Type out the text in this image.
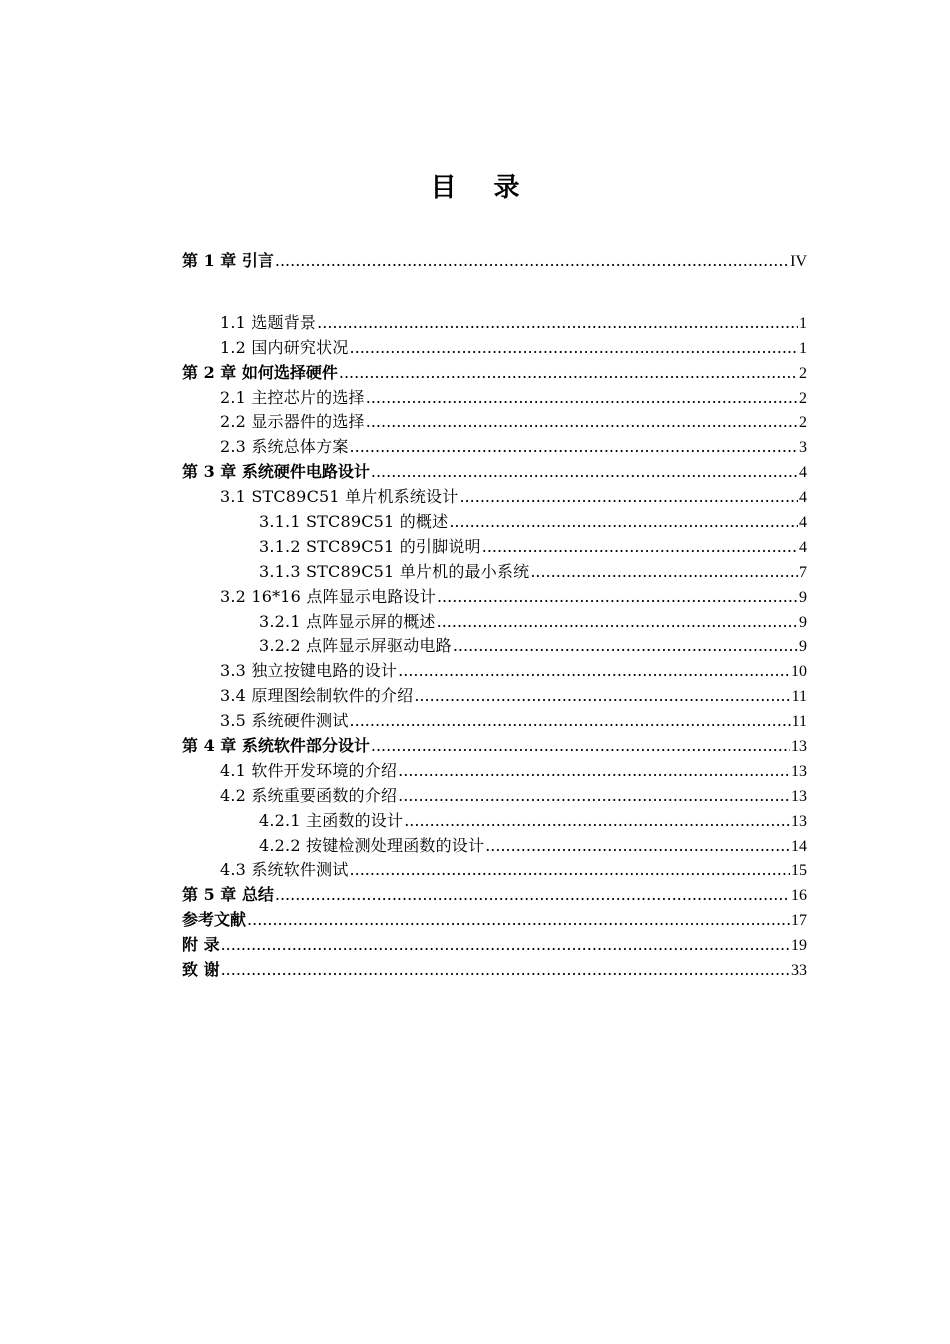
目 录
第 1 章 引言 .....	IV
1.1 选题背景 .....	1
1.2 国内研究状况 .....	1
第 2 章 如何选择硬件 .....	2
2.1 主控芯片的选择 .....	2
2.2 显示器件的选择 .....	2
2.3 系统总体方案 .....	3
第 3 章 系统硬件电路设计 .....	4
3.1 STC89C51 单片机系统设计 .....	4
3.1.1 STC89C51 的概述 .....	4
3.1.2 STC89C51 的引脚说明 .....	4
3.1.3 STC89C51 单片机的最小系统 .....	7
3.2 16*16 点阵显示电路设计 .....	9
3.2.1 点阵显示屏的概述 .....	9
3.2.2 点阵显示屏驱动电路 .....	9
3.3 独立按键电路的设计 .....	10
3.4 原理图绘制软件的介绍 .....	11
3.5 系统硬件测试 .....	11
第 4 章 系统软件部分设计 .....	13
4.1 软件开发环境的介绍 .....	13
4.2 系统重要函数的介绍 .....	13
4.2.1 主函数的设计 .....	13
4.2.2 按键检测处理函数的设计 .....	14
4.3 系统软件测试 .....	15
第 5 章 总结 .....	16
参考文献 .....	17
附 录 .....	19
致 谢 .....	33
